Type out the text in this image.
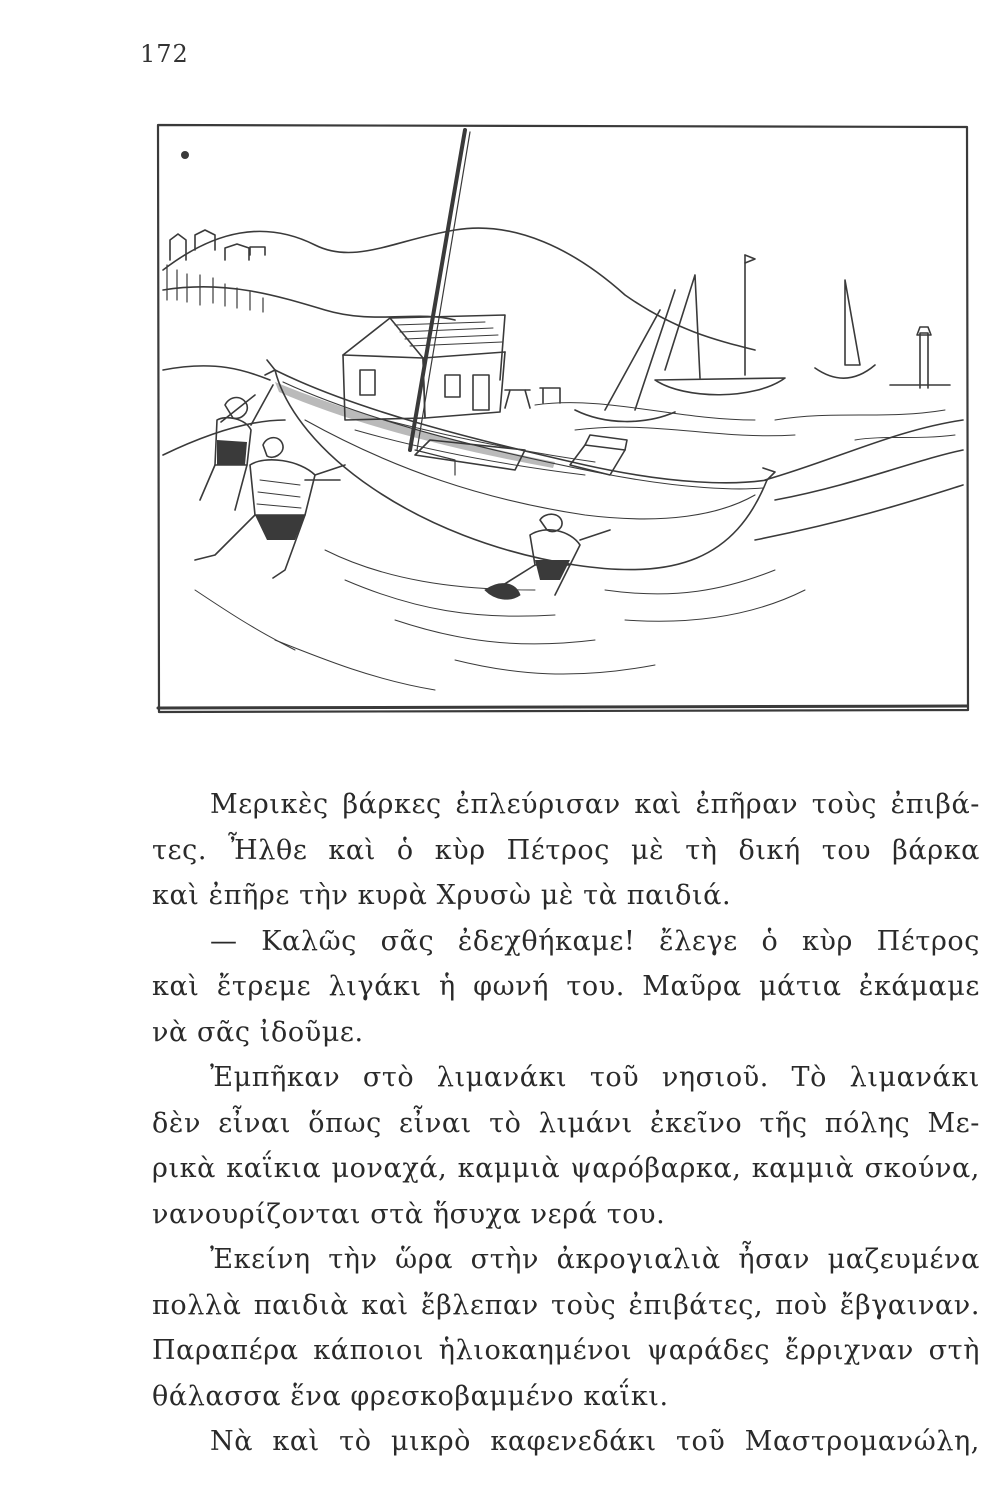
172
Μερικὲς βάρκες ἐπλεύρισαν καὶ ἐπῆραν τοὺς ἐπιβά-
τες. Ἦλθε καὶ ὁ κὺρ Πέτρος μὲ τὴ δική του βάρκα
καὶ ἐπῆρε τὴν κυρὰ Χρυσὼ μὲ τὰ παιδιά.
— Καλῶς σᾶς ἐδεχθήκαμε! ἔλεγε ὁ κὺρ Πέτρος
καὶ ἔτρεμε λιγάκι ἡ φωνή του. Μαῦρα μάτια ἐκάμαμε
νὰ σᾶς ἰδοῦμε.
Ἐμπῆκαν στὸ λιμανάκι τοῦ νησιοῦ. Τὸ λιμανάκι
δὲν εἶναι ὅπως εἶναι τὸ λιμάνι ἐκεῖνο τῆς πόλης Με-
ρικὰ καΐκια μοναχά, καμμιὰ ψαρόβαρκα, καμμιὰ σκούνα,
νανουρίζονται στὰ ἥσυχα νερά του.
Ἐκείνη τὴν ὥρα στὴν ἀκρογιαλιὰ ἦσαν μαζευμένα
πολλὰ παιδιὰ καὶ ἔβλεπαν τοὺς ἐπιβάτες, ποὺ ἔβγαιναν.
Παραπέρα κάποιοι ἡλιοκαημένοι ψαράδες ἔρριχναν στὴ
θάλασσα ἕνα φρεσκοβαμμένο καΐκι.
Νὰ καὶ τὸ μικρὸ καφενεδάκι τοῦ Μαστρομανώλη,
